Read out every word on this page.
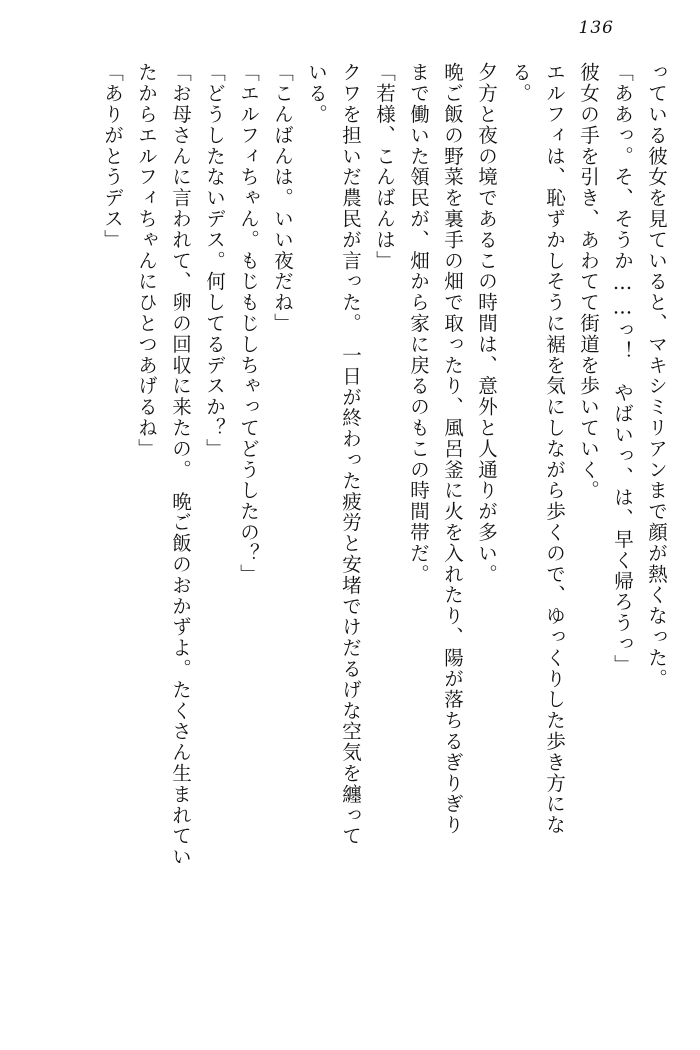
136
っている彼女を見ていると、マキシミリアンまで顔が熱くなった。
「ああっ。そ、そうか……っ！　やばいっ、は、早く帰ろうっ」
彼女の手を引き、あわてて街道を歩いていく。
エルフィは、恥ずかしそうに裾を気にしながら歩くので、ゆっくりした歩き方にな
る。
夕方と夜の境であるこの時間は、意外と人通りが多い。
晩ご飯の野菜を裏手の畑で取ったり、風呂釜に火を入れたり、陽が落ちるぎりぎり
まで働いた領民が、畑から家に戻るのもこの時間帯だ。
「若様、こんばんは」
クワを担いだ農民が言った。　一日が終わった疲労と安堵でけだるげな空気を纏って
いる。
「こんばんは。いい夜だね」
「エルフィちゃん。もじもじしちゃってどうしたの？」
「どうしたないデス。何してるデスか？」
「お母さんに言われて、卵の回収に来たの。　晩ご飯のおかずよ。たくさん生まれてい
たからエルフィちゃんにひとつあげるね」
「ありがとうデス」
